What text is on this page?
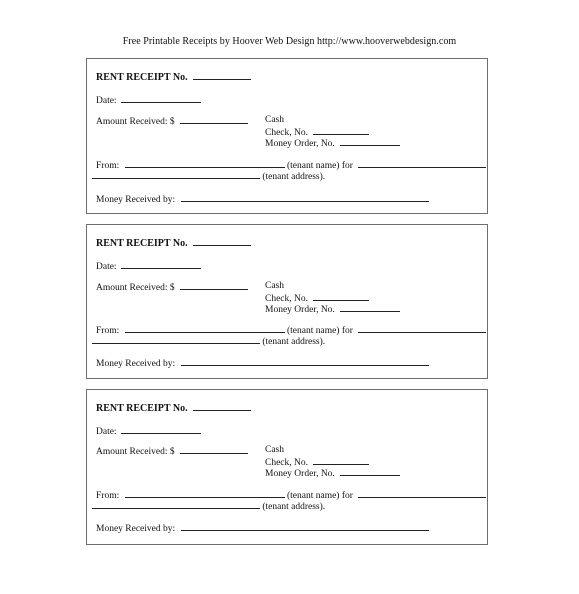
Free Printable Receipts by Hoover Web Design http://www.hooverwebdesign.com
RENT RECEIPT No.
Date:
Amount Received: $	Cash
Check, No.
Money Order, No.
From:	(tenant name) for
(tenant address).
Money Received by:
RENT RECEIPT No.
Date:
Amount Received: $	Cash
Check, No.
Money Order, No.
From:	(tenant name) for
(tenant address).
Money Received by:
RENT RECEIPT No.
Date:
Amount Received: $	Cash
Check, No.
Money Order, No.
From:	(tenant name) for
(tenant address).
Money Received by:
